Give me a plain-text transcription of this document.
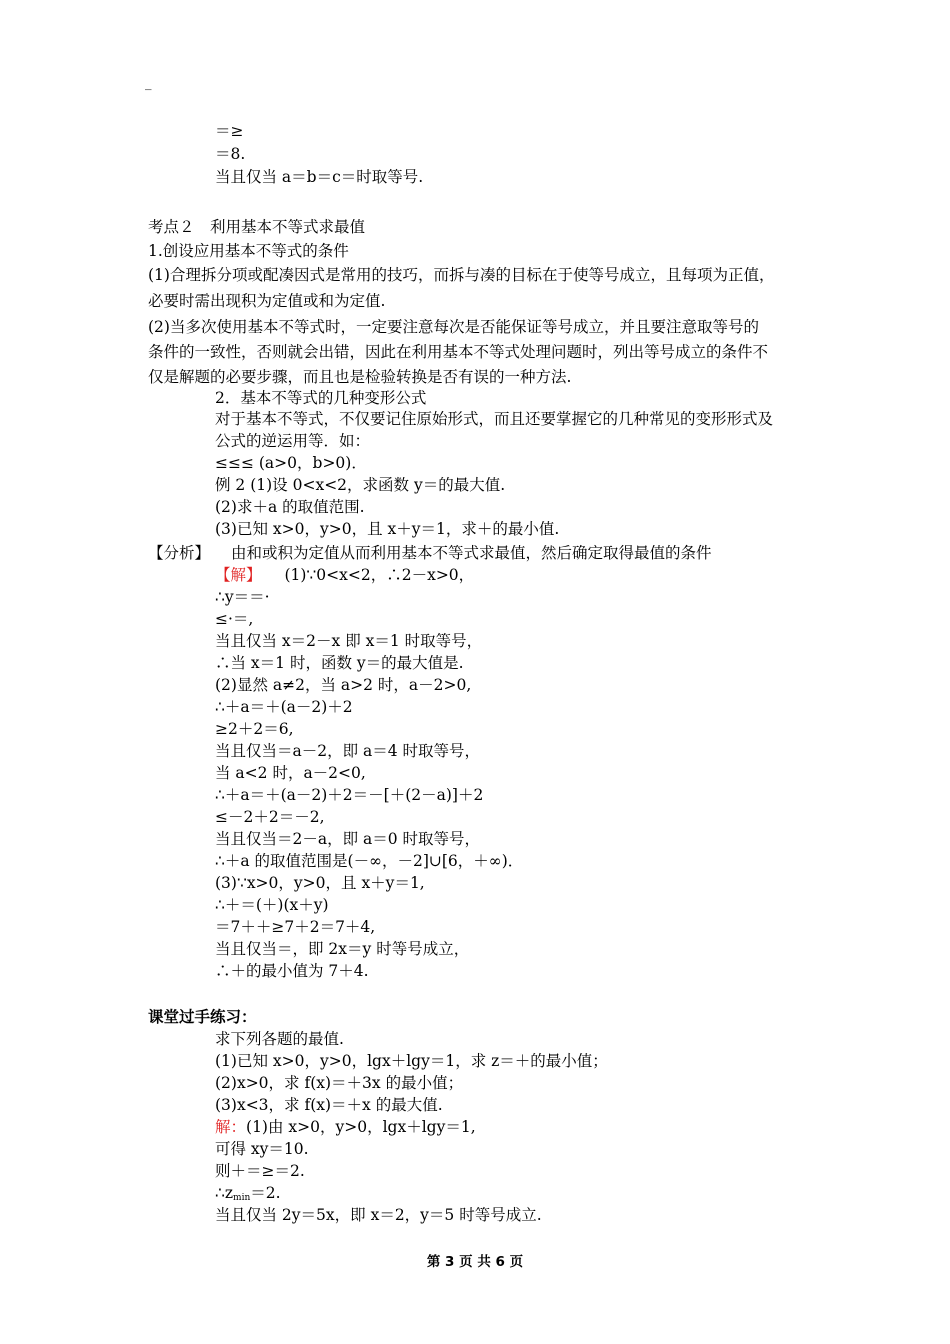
_
＝≥
＝8.
当且仅当 a＝b＝c＝时取等号.
考点２　利用基本不等式求最值
1.创设应用基本不等式的条件
(1)合理拆分项或配凑因式是常用的技巧，而拆与凑的目标在于使等号成立，且每项为正值，
必要时需出现积为定值或和为定值.
(2)当多次使用基本不等式时，一定要注意每次是否能保证等号成立，并且要注意取等号的
条件的一致性，否则就会出错，因此在利用基本不等式处理问题时，列出等号成立的条件不
仅是解题的必要步骤，而且也是检验转换是否有误的一种方法.
2．基本不等式的几种变形公式
对于基本不等式，不仅要记住原始形式，而且还要掌握它的几种常见的变形形式及
公式的逆运用等．如：
≤≤≤ (a>0，b>0)．
例 2 (1)设 0<x<2，求函数 y＝的最大值.
(2)求＋a 的取值范围.
(3)已知 x>0，y>0，且 x＋y＝1，求＋的最小值.
【分析】 由和或积为定值从而利用基本不等式求最值，然后确定取得最值的条件
【解】 (1)∵0<x<2，∴2－x>0，
∴y＝＝·
≤·＝,
当且仅当 x＝2－x 即 x＝1 时取等号，
∴当 x＝1 时，函数 y＝的最大值是.
(2)显然 a≠2，当 a>2 时，a－2>0,
∴＋a＝＋(a－2)＋2
≥2＋2＝6,
当且仅当＝a－2，即 a＝4 时取等号，
当 a<2 时，a－2<0,
∴＋a＝＋(a－2)＋2＝－[＋(2－a)]＋2
≤－2＋2＝－2,
当且仅当＝2－a，即 a＝0 时取等号，
∴＋a 的取值范围是(－∞，－2]∪[6，＋∞)．
(3)∵x>0，y>0，且 x＋y＝1,
∴＋＝(＋)(x＋y)
＝7＋＋≥7＋2＝7＋4,
当且仅当＝，即 2x＝y 时等号成立，
∴＋的最小值为 7＋4.
课堂过手练习：
求下列各题的最值.
(1)已知 x>0，y>0，lgx＋lgy＝1，求 z＝＋的最小值；
(2)x>0，求 f(x)＝＋3x 的最小值；
(3)x<3，求 f(x)＝＋x 的最大值.
解：(1)由 x>0，y>0，lgx＋lgy＝1,
可得 xy＝10.
则＋＝≥＝2.
$\therefore z_{min}=2$.
当且仅当 2y＝5x，即 x＝2，y＝5 时等号成立.
第 3 页 共 6 页
